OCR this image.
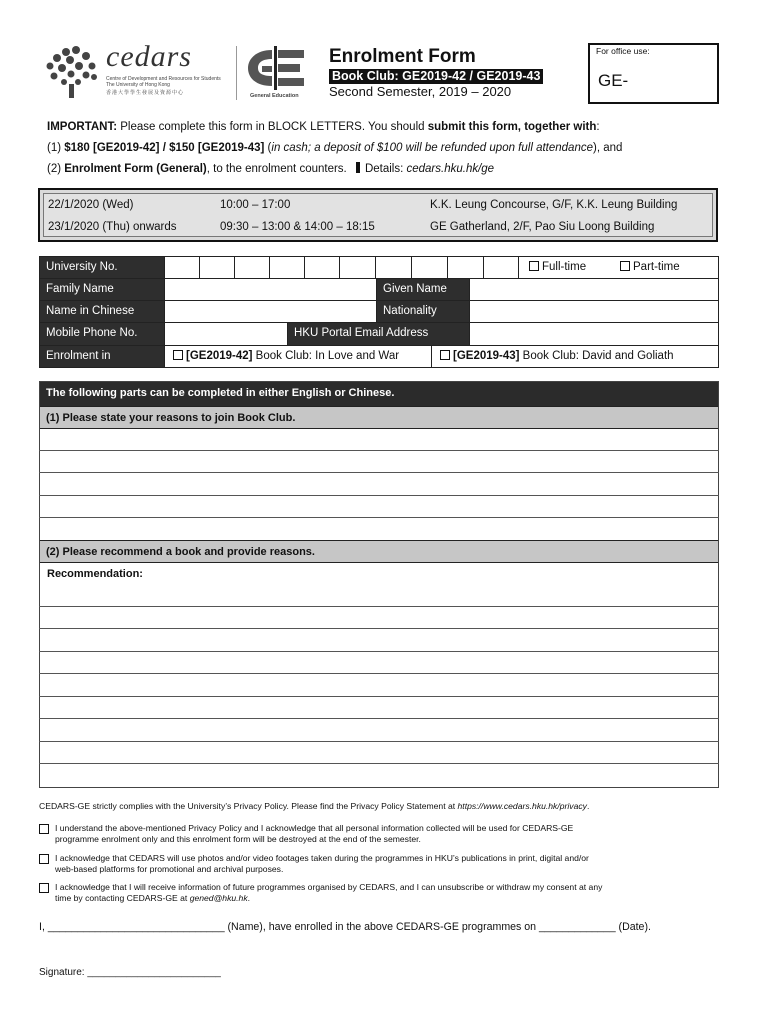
cedars
Centre of Development and Resources for Students
The University of Hong Kong
香港大學學生發展及資源中心	General Education
Enrolment Form
Book Club: GE2019-42 / GE2019-43
Second Semester, 2019 – 2020
For office use:
GE-
IMPORTANT: Please complete this form in BLOCK LETTERS. You should submit this form, together with:
(1) $180 [GE2019-42] / $150 [GE2019-43] (in cash; a deposit of $100 will be refunded upon full attendance), and
(2) Enrolment Form (General), to the enrolment counters. Details: cedars.hku.hk/ge
22/1/2020 (Wed)	10:00 – 17:00	K.K. Leung Concourse, G/F, K.K. Leung Building
23/1/2020 (Thu) onwards	09:30 – 13:00 & 14:00 – 18:15	GE Gatherland, 2/F, Pao Siu Loong Building
University No.	Full-time	Part-time
Family Name	Given Name
Name in Chinese	Nationality
Mobile Phone No.	HKU Portal Email Address
Enrolment in	[GE2019-42] Book Club: In Love and War	[GE2019-43] Book Club: David and Goliath
The following parts can be completed in either English or Chinese.
(1) Please state your reasons to join Book Club.
(2) Please recommend a book and provide reasons.
Recommendation:
CEDARS-GE strictly complies with the University’s Privacy Policy. Please find the Privacy Policy Statement at https://www.cedars.hku.hk/privacy.
I understand the above-mentioned Privacy Policy and I acknowledge that all personal information collected will be used for CEDARS-GE
programme enrolment only and this enrolment form will be destroyed at the end of the semester.
I acknowledge that CEDARS will use photos and/or video footages taken during the programmes in HKU’s publications in print, digital and/or
web-based platforms for promotional and archival purposes.
I acknowledge that I will receive information of future programmes organised by CEDARS, and I can unsubscribe or withdraw my consent at any
time by contacting CEDARS-GE at gened@hku.hk.
I, ______________________________ (Name), have enrolled in the above CEDARS-GE programmes on _____________ (Date).
Signature: ________________________
